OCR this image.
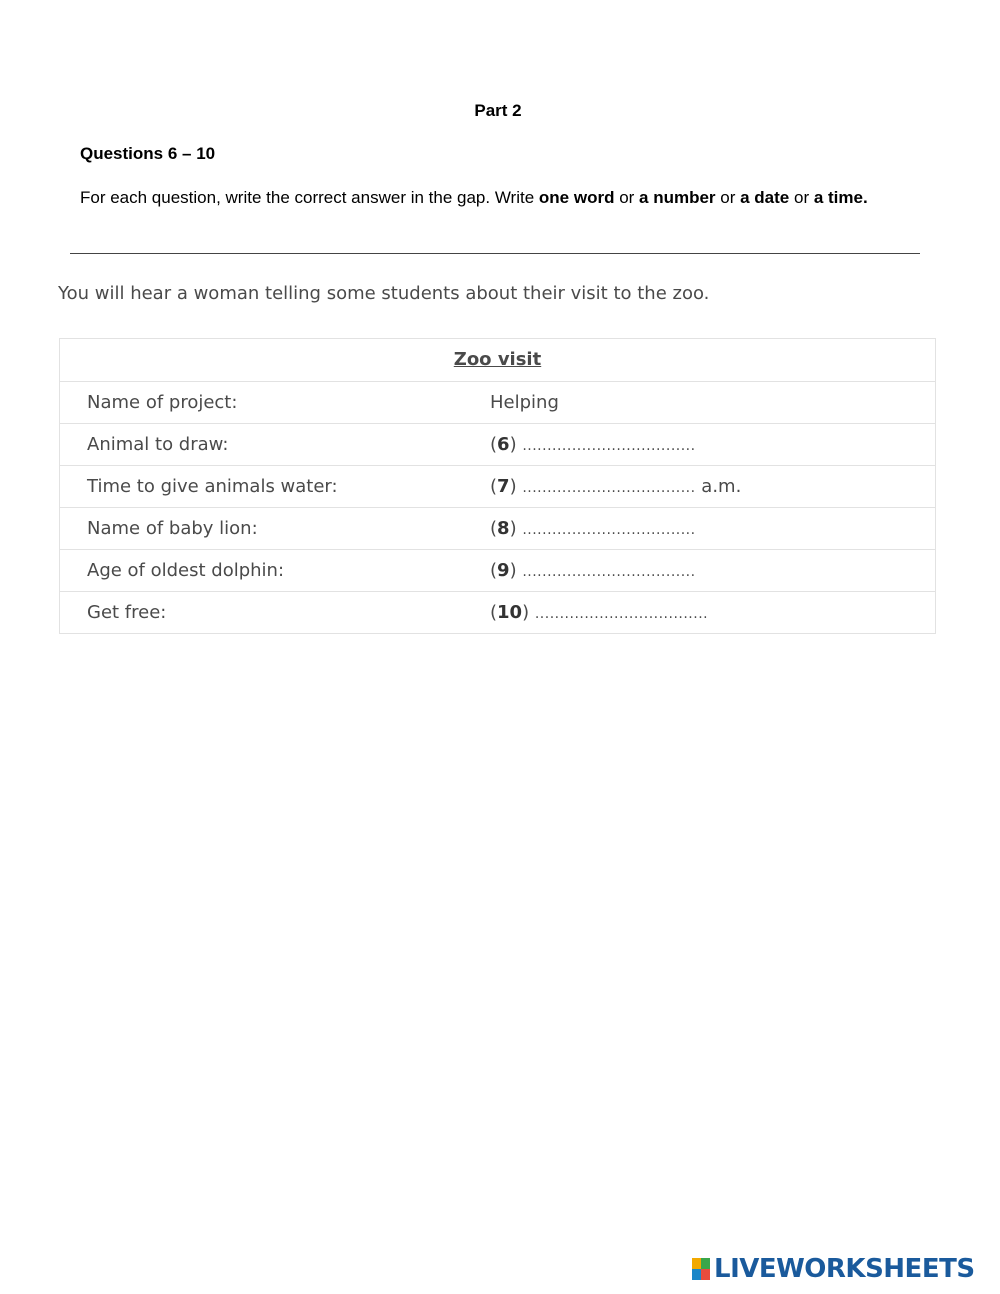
Part 2
Questions 6 – 10
For each question, write the correct answer in the gap. Write one word or a number or a date or a time.
You will hear a woman telling some students about their visit to the zoo.
Zoo visit
Name of project:	Helping
Animal to draw:	(6) ...................................
Time to give animals water:	(7) ................................... a.m.
Name of baby lion:	(8) ...................................
Age of oldest dolphin:	(9) ...................................
Get free:	(10) ...................................
LIVEWORKSHEETS
